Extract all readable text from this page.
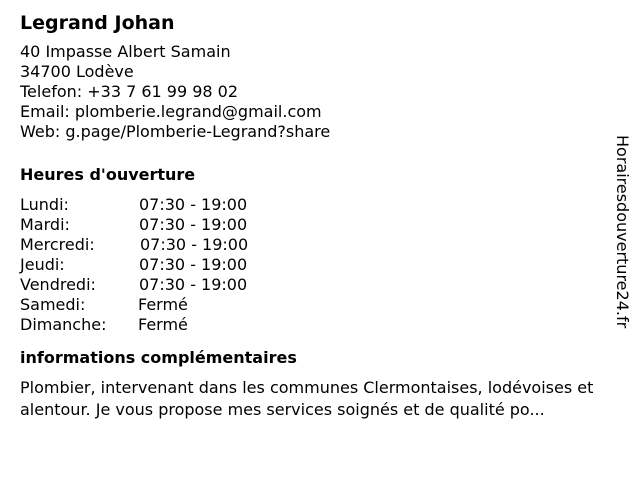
Legrand Johan
40 Impasse Albert Samain
34700 Lodève
Telefon: +33 7 61 99 98 02
Email: plomberie.legrand@gmail.com
Web: g.page/Plomberie-Legrand?share
Heures d'ouverture
Lundi:	07:30 - 19:00
Mardi:	07:30 - 19:00
Mercredi:	07:30 - 19:00
Jeudi:	07:30 - 19:00
Vendredi:	07:30 - 19:00
Samedi:	Fermé
Dimanche: Fermé
informations complémentaires
Plombier, intervenant dans les communes Clermontaises, lodévoises et alentour. Je vous propose mes services soignés et de qualité po...
Horairesdouverture24.fr
